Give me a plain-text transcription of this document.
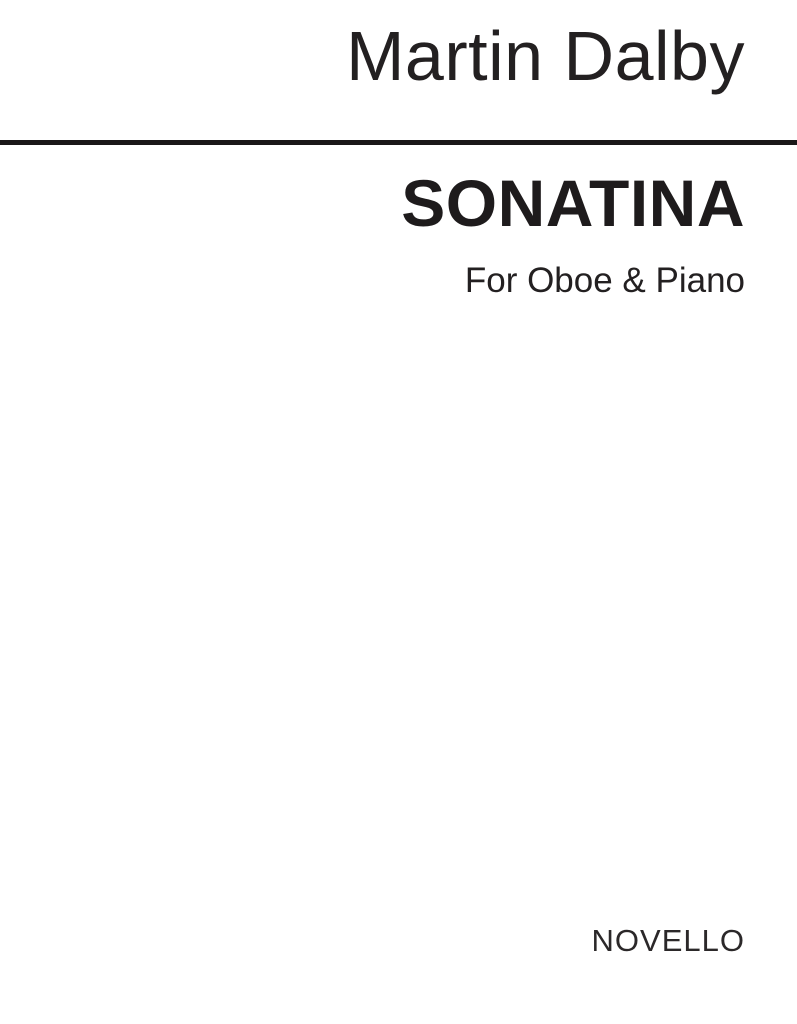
Martin Dalby
SONATINA
For Oboe & Piano
NOVELLO
